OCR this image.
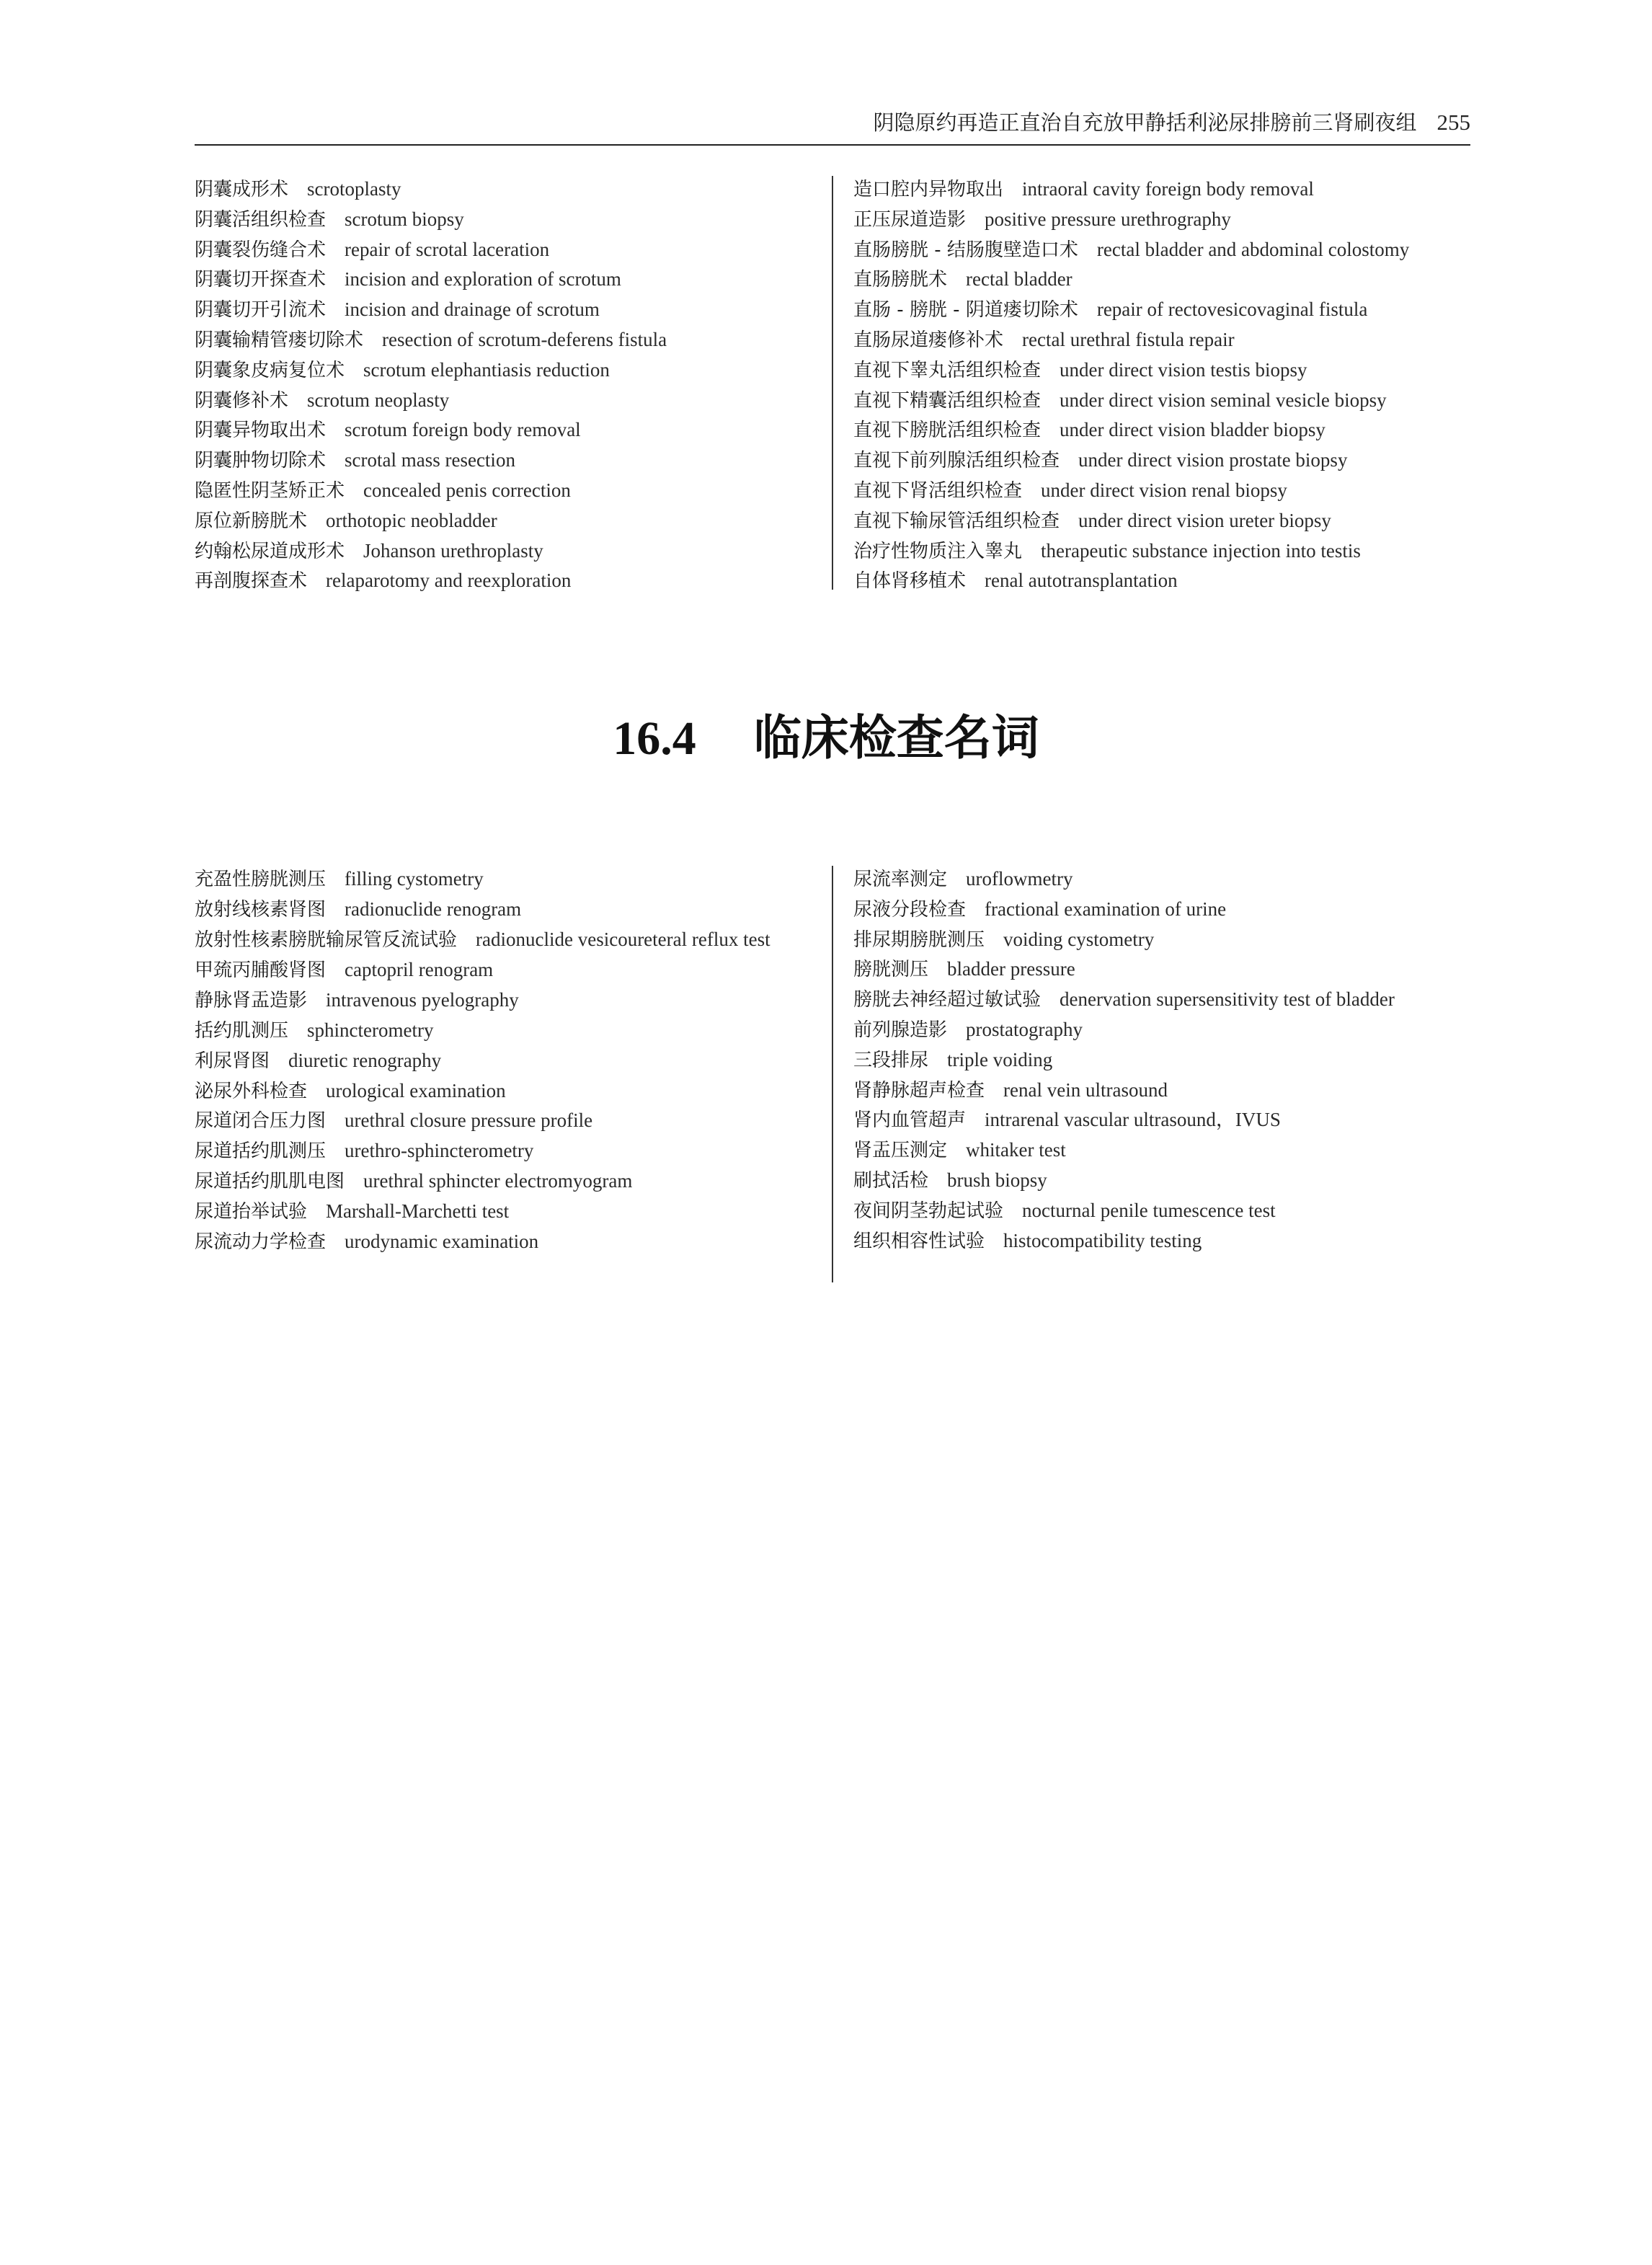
阴隐原约再造正直治自充放甲静括利泌尿排膀前三肾刷夜组 255
阴囊成形术 scrotoplasty
阴囊活组织检查 scrotum biopsy
阴囊裂伤缝合术 repair of scrotal laceration
阴囊切开探查术 incision and exploration of scrotum
阴囊切开引流术 incision and drainage of scrotum
阴囊输精管瘘切除术 resection of scrotum-deferens fistula
阴囊象皮病复位术 scrotum elephantiasis reduction
阴囊修补术 scrotum neoplasty
阴囊异物取出术 scrotum foreign body removal
阴囊肿物切除术 scrotal mass resection
隐匿性阴茎矫正术 concealed penis correction
原位新膀胱术 orthotopic neobladder
约翰松尿道成形术 Johanson urethroplasty
再剖腹探查术 relaparotomy and reexploration
造口腔内异物取出 intraoral cavity foreign body removal
正压尿道造影 positive pressure urethrography
直肠膀胱 - 结肠腹壁造口术 rectal bladder and abdominal colostomy
直肠膀胱术 rectal bladder
直肠 - 膀胱 - 阴道瘘切除术 repair of rectovesicovaginal fistula
直肠尿道瘘修补术 rectal urethral fistula repair
直视下睾丸活组织检查 under direct vision testis biopsy
直视下精囊活组织检查 under direct vision seminal vesicle biopsy
直视下膀胱活组织检查 under direct vision bladder biopsy
直视下前列腺活组织检查 under direct vision prostate biopsy
直视下肾活组织检查 under direct vision renal biopsy
直视下输尿管活组织检查 under direct vision ureter biopsy
治疗性物质注入睾丸 therapeutic substance injection into testis
自体肾移植术 renal autotransplantation
16.4 临床检查名词
充盈性膀胱测压 filling cystometry
放射线核素肾图 radionuclide renogram
放射性核素膀胱输尿管反流试验 radionuclide vesicoureteral reflux test
甲巯丙脯酸肾图 captopril renogram
静脉肾盂造影 intravenous pyelography
括约肌测压 sphincterometry
利尿肾图 diuretic renography
泌尿外科检查 urological examination
尿道闭合压力图 urethral closure pressure profile
尿道括约肌测压 urethro-sphincterometry
尿道括约肌肌电图 urethral sphincter electromyogram
尿道抬举试验 Marshall-Marchetti test
尿流动力学检查 urodynamic examination
尿流率测定 uroflowmetry
尿液分段检查 fractional examination of urine
排尿期膀胱测压 voiding cystometry
膀胱测压 bladder pressure
膀胱去神经超过敏试验 denervation supersensitivity test of bladder
前列腺造影 prostatography
三段排尿 triple voiding
肾静脉超声检查 renal vein ultrasound
肾内血管超声 intrarenal vascular ultrasound，IVUS
肾盂压测定 whitaker test
刷拭活检 brush biopsy
夜间阴茎勃起试验 nocturnal penile tumescence test
组织相容性试验 histocompatibility testing
